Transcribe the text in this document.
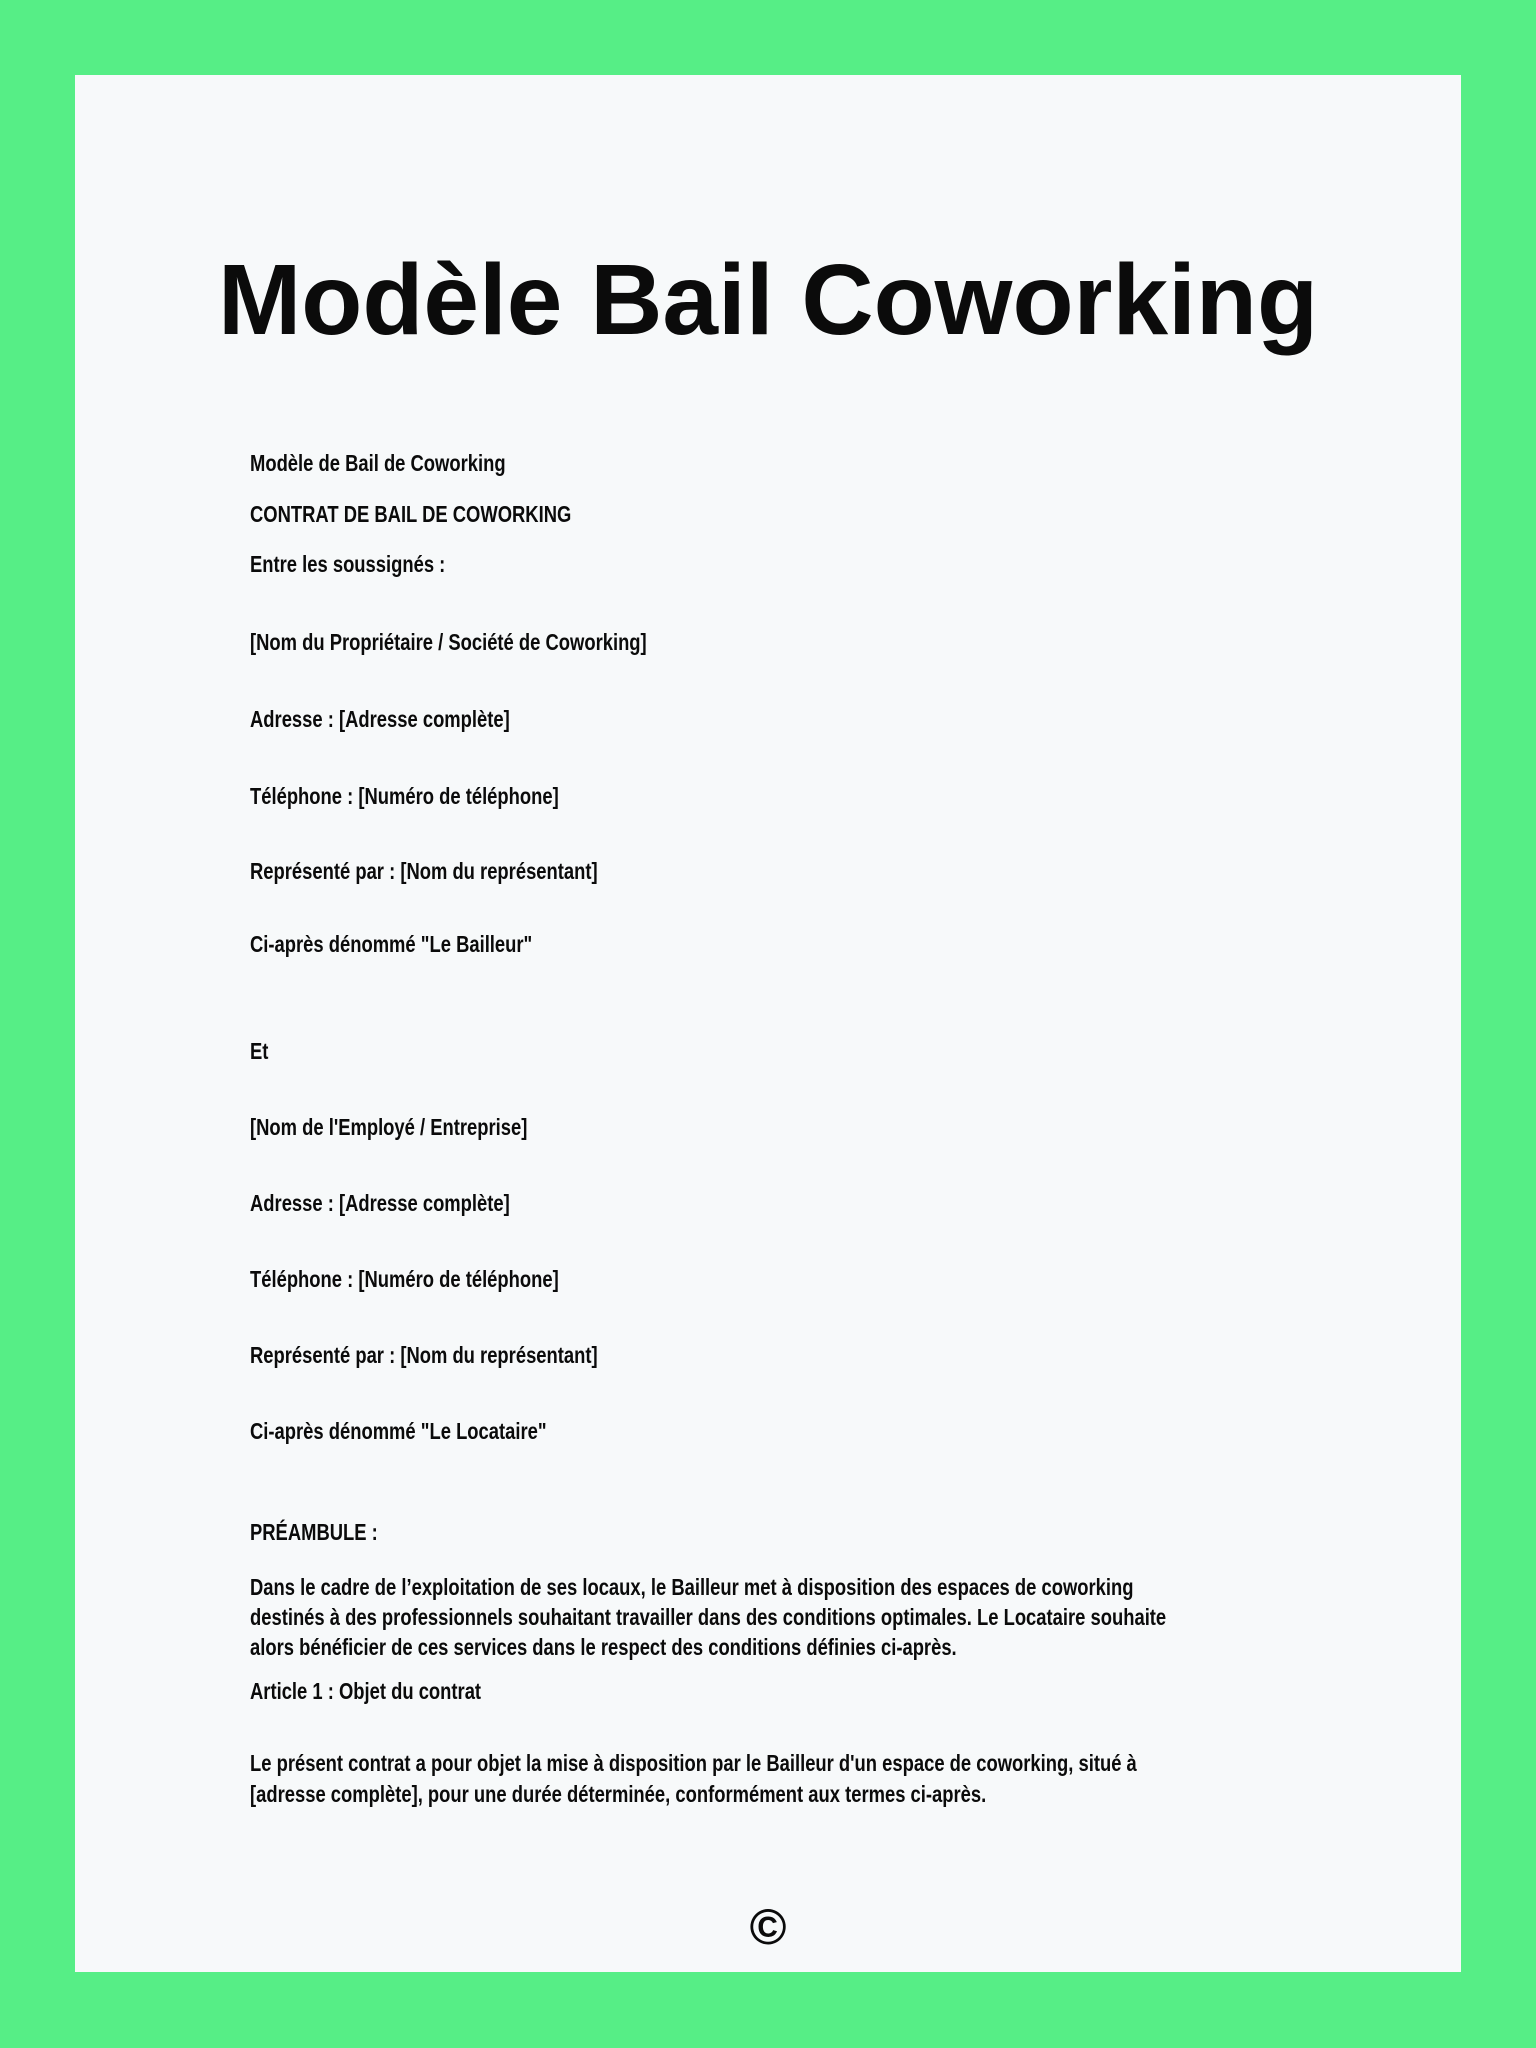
Modèle Bail Coworking

Modèle de Bail de Coworking

CONTRAT DE BAIL DE COWORKING

Entre les soussignés :

[Nom du Propriétaire / Société de Coworking]

Adresse : [Adresse complète]

Téléphone : [Numéro de téléphone]

Représenté par : [Nom du représentant]

Ci-après dénommé "Le Bailleur"

Et

[Nom de l'Employé / Entreprise]

Adresse : [Adresse complète]

Téléphone : [Numéro de téléphone]

Représenté par : [Nom du représentant]

Ci-après dénommé "Le Locataire"

PRÉAMBULE :

Dans le cadre de l’exploitation de ses locaux, le Bailleur met à disposition des espaces de coworking

destinés à des professionnels souhaitant travailler dans des conditions optimales. Le Locataire souhaite

alors bénéficier de ces services dans le respect des conditions définies ci-après.

Article 1 : Objet du contrat

Le présent contrat a pour objet la mise à disposition par le Bailleur d'un espace de coworking, situé à

[adresse complète], pour une durée déterminée, conformément aux termes ci-après.

©
